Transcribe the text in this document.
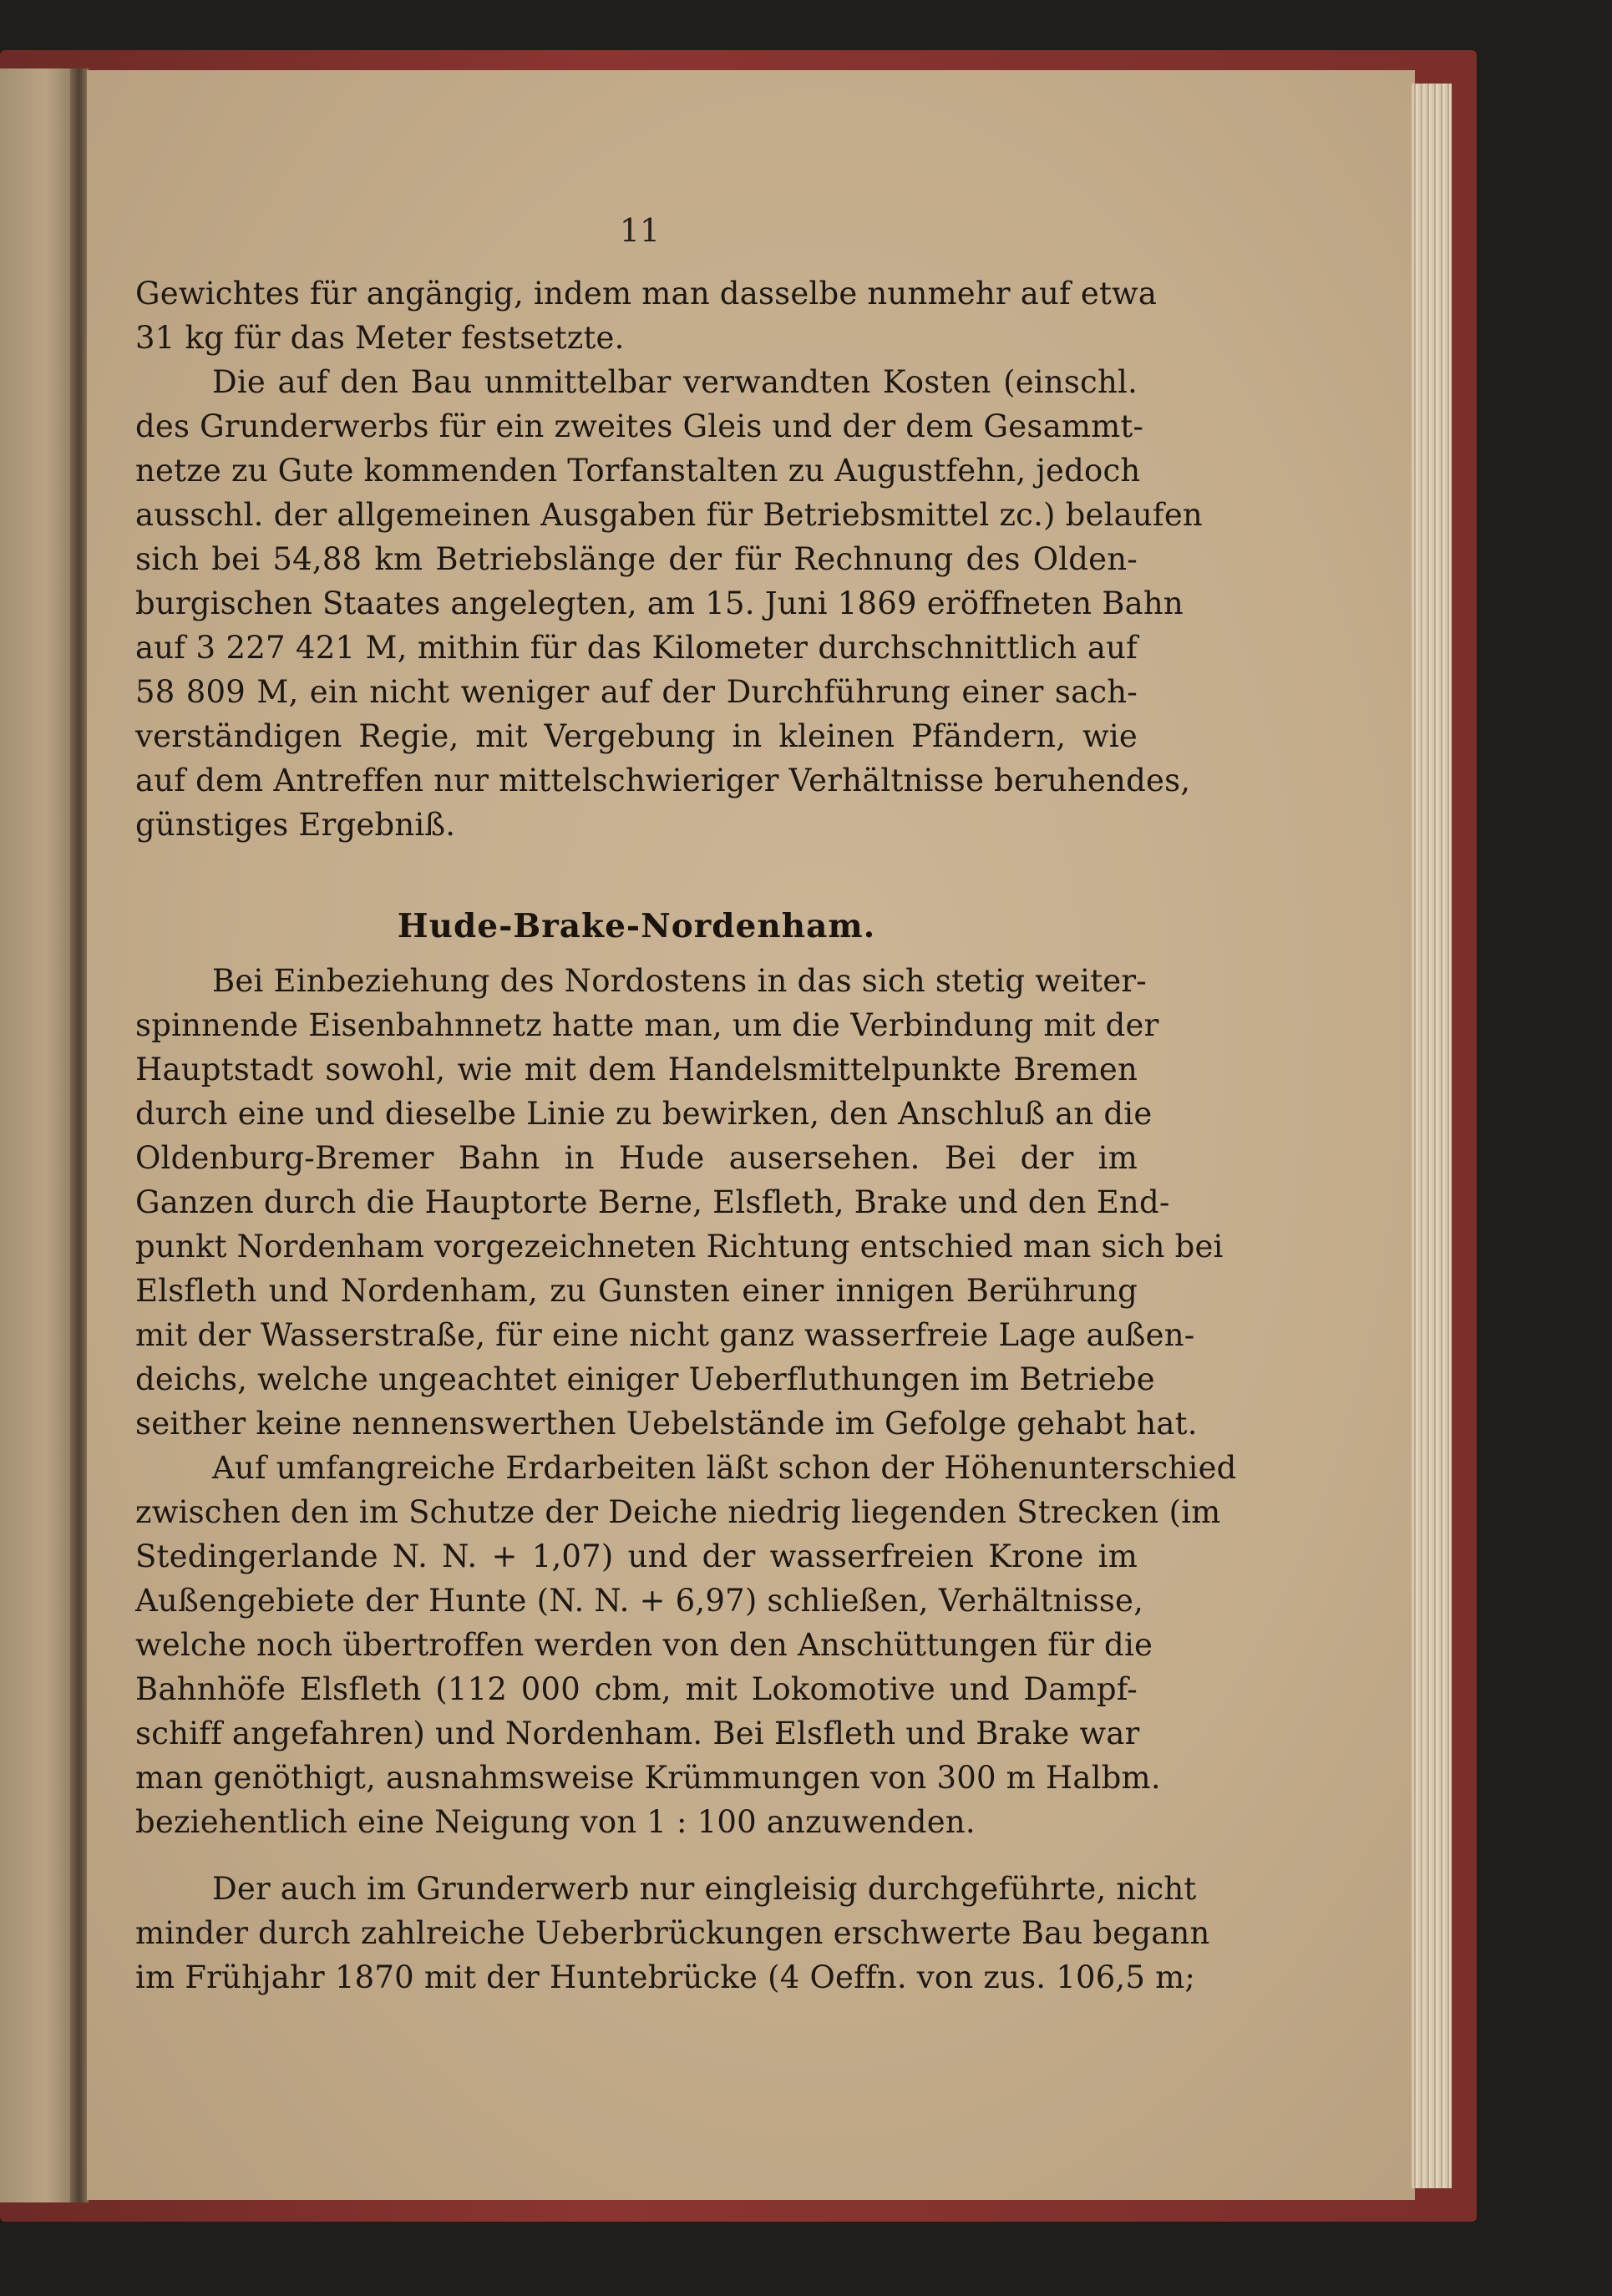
11
Gewichtes für angängig, indem man dasselbe nunmehr auf etwa
31 kg für das Meter festsetzte.
Die auf den Bau unmittelbar verwandten Kosten (einschl.
des Grunderwerbs für ein zweites Gleis und der dem Gesammt-
netze zu Gute kommenden Torfanstalten zu Augustfehn, jedoch
ausschl. der allgemeinen Ausgaben für Betriebsmittel zc.) belaufen
sich bei 54,88 km Betriebslänge der für Rechnung des Olden-
burgischen Staates angelegten, am 15. Juni 1869 eröffneten Bahn
auf 3 227 421 M, mithin für das Kilometer durchschnittlich auf
58 809 M, ein nicht weniger auf der Durchführung einer sach-
verständigen Regie, mit Vergebung in kleinen Pfändern, wie
auf dem Antreffen nur mittelschwieriger Verhältnisse beruhendes,
günstiges Ergebniß.
Hude-Brake-Nordenham.
Bei Einbeziehung des Nordostens in das sich stetig weiter-
spinnende Eisenbahnnetz hatte man, um die Verbindung mit der
Hauptstadt sowohl, wie mit dem Handelsmittelpunkte Bremen
durch eine und dieselbe Linie zu bewirken, den Anschluß an die
Oldenburg-Bremer Bahn in Hude ausersehen. Bei der im
Ganzen durch die Hauptorte Berne, Elsfleth, Brake und den End-
punkt Nordenham vorgezeichneten Richtung entschied man sich bei
Elsfleth und Nordenham, zu Gunsten einer innigen Berührung
mit der Wasserstraße, für eine nicht ganz wasserfreie Lage außen-
deichs, welche ungeachtet einiger Ueberfluthungen im Betriebe
seither keine nennenswerthen Uebelstände im Gefolge gehabt hat.
Auf umfangreiche Erdarbeiten läßt schon der Höhenunterschied
zwischen den im Schutze der Deiche niedrig liegenden Strecken (im
Stedingerlande N. N. + 1,07) und der wasserfreien Krone im
Außengebiete der Hunte (N. N. + 6,97) schließen, Verhältnisse,
welche noch übertroffen werden von den Anschüttungen für die
Bahnhöfe Elsfleth (112 000 cbm, mit Lokomotive und Dampf-
schiff angefahren) und Nordenham. Bei Elsfleth und Brake war
man genöthigt, ausnahmsweise Krümmungen von 300 m Halbm.
beziehentlich eine Neigung von 1 : 100 anzuwenden.
Der auch im Grunderwerb nur eingleisig durchgeführte, nicht
minder durch zahlreiche Ueberbrückungen erschwerte Bau begann
im Frühjahr 1870 mit der Huntebrücke (4 Oeffn. von zus. 106,5 m;
